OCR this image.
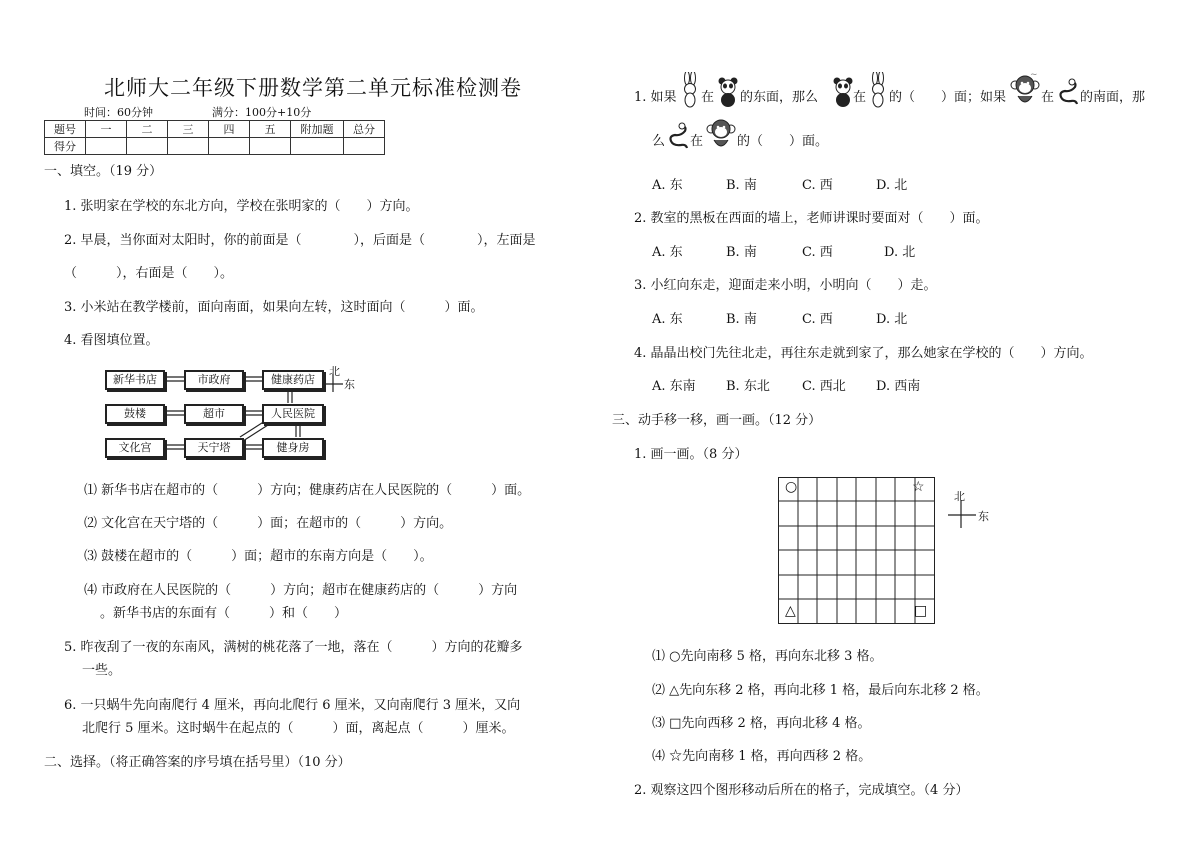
北师大二年级下册数学第二单元标准检测卷
时间：60分钟	满分：100分+10分
题号	一	二	三	四	五	附加题	总分
得分							
一、填空。（19 分）
1. 张明家在学校的东北方向，学校在张明家的（　　）方向。
2. 早晨，当你面对太阳时，你的前面是（　　　　），后面是（　　　　），左面是
（　　　），右面是（　　）。
3. 小米站在教学楼前，面向南面，如果向左转，这时面向（　　　）面。
4. 看图填位置。
新华书店	市政府	健康药店
鼓楼	超市	人民医院
文化宫	天宁塔	健身房
北
东
⑴ 新华书店在超市的（　　　）方向；健康药店在人民医院的（　　　）面。
⑵ 文化宫在天宁塔的（　　　）面；在超市的（　　　）方向。
⑶ 鼓楼在超市的（　　　）面；超市的东南方向是（　　）。
⑷ 市政府在人民医院的（　　　）方向；超市在健康药店的（　　　）方向
。新华书店的东面有（　　　）和（　　）
5. 昨夜刮了一夜的东南风，满树的桃花落了一地，落在（　　　）方向的花瓣多
一些。
6. 一只蜗牛先向南爬行 4 厘米，再向北爬行 6 厘米，又向南爬行 3 厘米，又向
北爬行 5 厘米。这时蜗牛在起点的（　　　）面，离起点（　　　）厘米。
二、选择。（将正确答案的序号填在括号里）（10 分）
1. 如果 在 的东面，那么	在 的（　　）面；如果
~
在 的南面，那
么 在	的（　　）面。
A. 东	B. 南	C. 西	D. 北
2. 教室的黑板在西面的墙上，老师讲课时要面对（　　）面。
A. 东	B. 南	C. 西	D. 北
3. 小红向东走，迎面走来小明，小明向（　　）走。
A. 东	B. 南	C. 西	D. 北
4. 晶晶出校门先往北走，再往东走就到家了，那么她家在学校的（　　）方向。
A. 东南 B. 东北 C. 西北 D. 西南
三、动手移一移，画一画。（12 分）
1. 画一画。（8 分）
○	☆
△	□
北
东
⑴ ○先向南移 5 格，再向东北移 3 格。
⑵ △先向东移 2 格，再向北移 1 格，最后向东北移 2 格。
⑶ □先向西移 2 格，再向北移 4 格。
⑷ ☆先向南移 1 格，再向西移 2 格。
2. 观察这四个图形移动后所在的格子，完成填空。（4 分）
